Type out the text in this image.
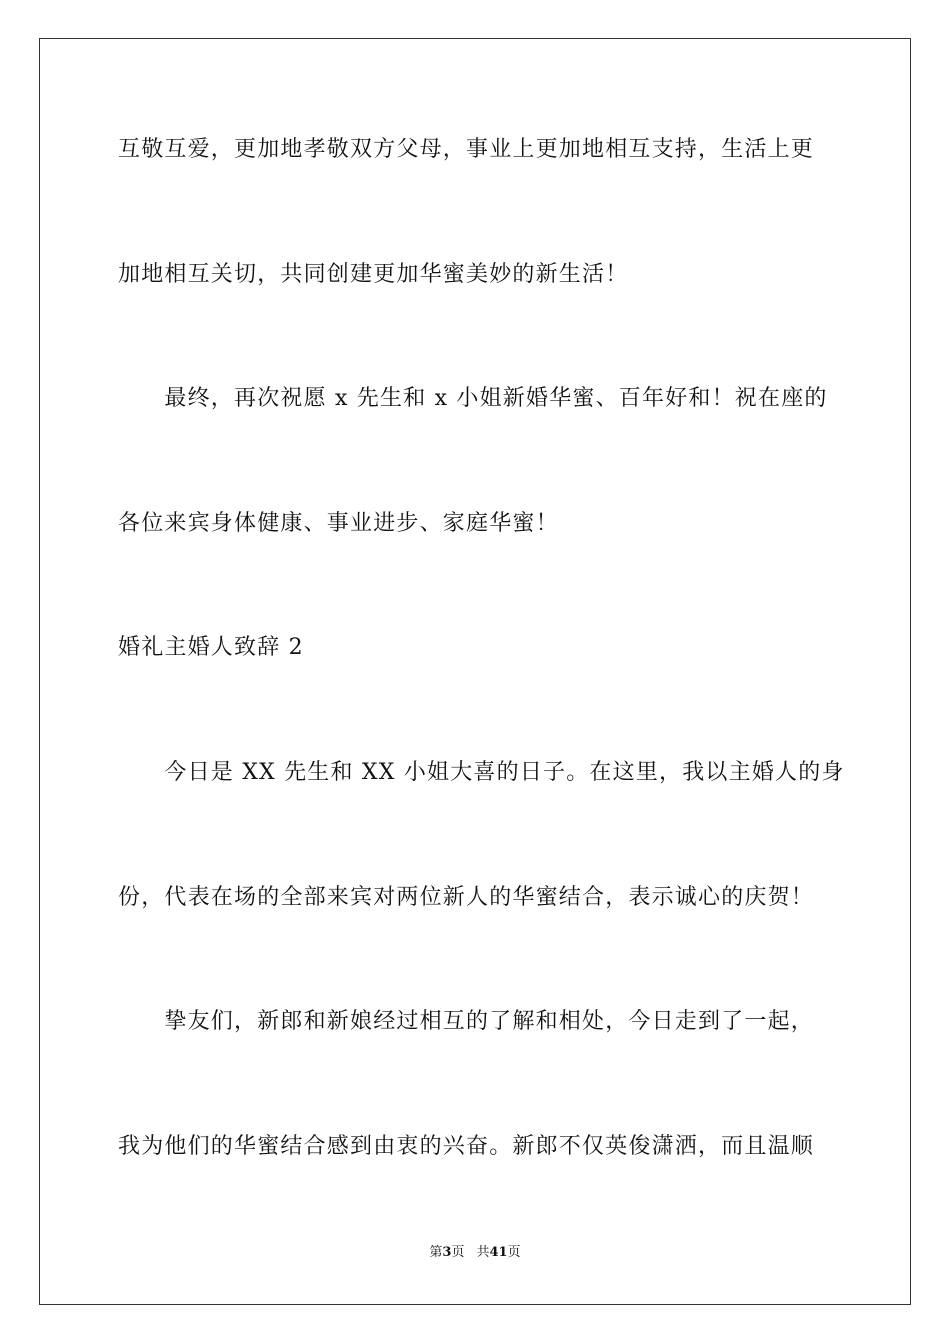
互敬互爱，更加地孝敬双方父母，事业上更加地相互支持，生活上更
加地相互关切，共同创建更加华蜜美妙的新生活！
　　最终，再次祝愿 x 先生和 x 小姐新婚华蜜、百年好和！祝在座的
各位来宾身体健康、事业进步、家庭华蜜！
婚礼主婚人致辞 2
　　今日是 XX 先生和 XX 小姐大喜的日子。在这里，我以主婚人的身
份，代表在场的全部来宾对两位新人的华蜜结合，表示诚心的庆贺！
　　挚友们，新郎和新娘经过相互的了解和相处，今日走到了一起，
我为他们的华蜜结合感到由衷的兴奋。新郎不仅英俊潇洒，而且温顺
第3页 共41页
